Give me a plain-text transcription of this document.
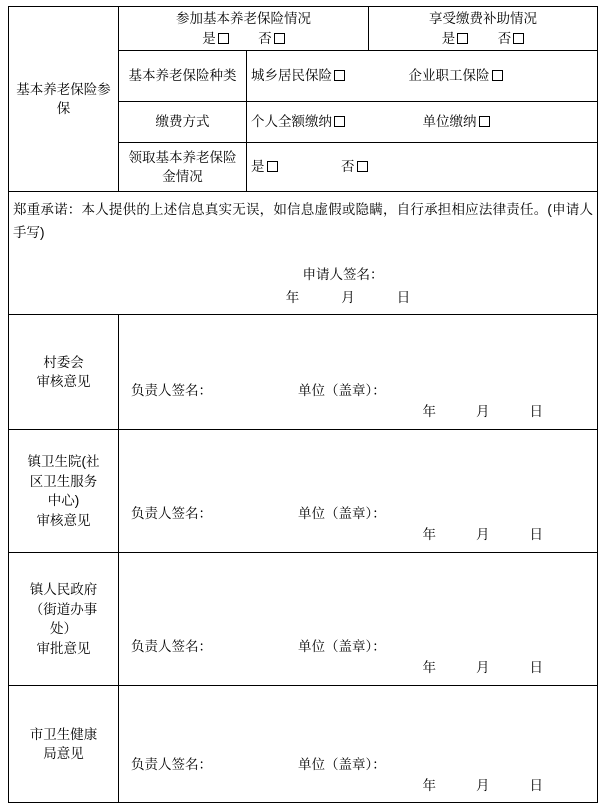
基本养老保险参保	
参加基本养老保险情况
是	否

享受缴费补助情况
是	否

	基本养老保险种类	城乡居民保险 企业职工保险	
	缴费方式	个人全额缴纳 单位缴纳	
	领取基本养老保险金情况	是 否	

郑重承诺：本人提供的上述信息真实无误，如信息虚假或隐瞒，自行承担相应法律责任。(申请人手写)
申请人签名：
年 月 日			

村委会
审核意见

负责人签名：	单位（盖章）：
年	月	日

镇卫生院(社
区卫生服务
中心)
审核意见	负责人签名：	单位（盖章）：
年	月	日

镇人民政府
（街道办事
处）
审批意见	负责人签名：	单位（盖章）：
年	月	日

市卫生健康
局意见

负责人签名：	单位（盖章）：
年	月	日
